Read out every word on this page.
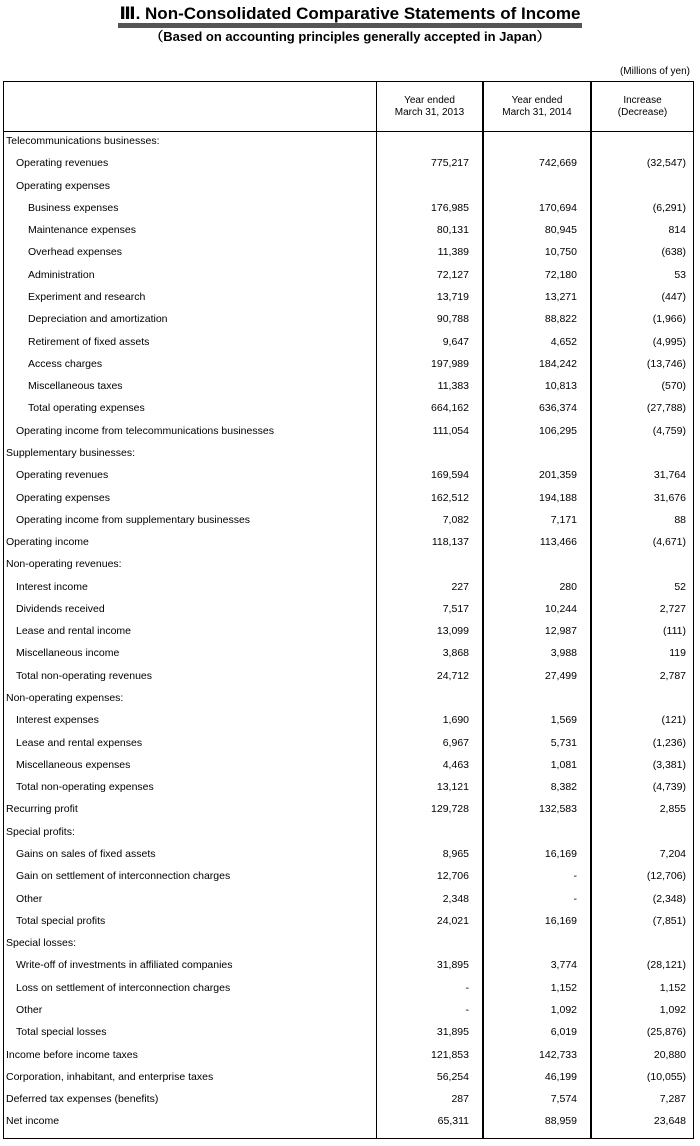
Ⅲ. Non-Consolidated Comparative Statements of Income
（Based on accounting principles generally accepted in Japan）
(Millions of yen)
Year ended
March 31, 2013
Year ended
March 31, 2014
Increase
(Decrease)
Telecommunications businesses:
Operating revenues	775,217	742,669	(32,547)
Operating expenses
Business expenses	176,985	170,694	(6,291)
Maintenance expenses	80,131	80,945	814
Overhead expenses	11,389	10,750	(638)
Administration	72,127	72,180	53
Experiment and research	13,719	13,271	(447)
Depreciation and amortization	90,788	88,822	(1,966)
Retirement of fixed assets	9,647	4,652	(4,995)
Access charges	197,989	184,242	(13,746)
Miscellaneous taxes	11,383	10,813	(570)
Total operating expenses	664,162	636,374	(27,788)
Operating income from telecommunications businesses	111,054	106,295	(4,759)
Supplementary businesses:
Operating revenues	169,594	201,359	31,764
Operating expenses	162,512	194,188	31,676
Operating income from supplementary businesses	7,082	7,171	88
Operating income	118,137	113,466	(4,671)
Non-operating revenues:
Interest income	227	280	52
Dividends received	7,517	10,244	2,727
Lease and rental income	13,099	12,987	(111)
Miscellaneous income	3,868	3,988	119
Total non-operating revenues	24,712	27,499	2,787
Non-operating expenses:
Interest expenses	1,690	1,569	(121)
Lease and rental expenses	6,967	5,731	(1,236)
Miscellaneous expenses	4,463	1,081	(3,381)
Total non-operating expenses	13,121	8,382	(4,739)
Recurring profit	129,728	132,583	2,855
Special profits:
Gains on sales of fixed assets	8,965	16,169	7,204
Gain on settlement of interconnection charges	12,706	-	(12,706)
Other	2,348	-	(2,348)
Total special profits	24,021	16,169	(7,851)
Special losses:
Write-off of investments in affiliated companies	31,895	3,774	(28,121)
Loss on settlement of interconnection charges	-	1,152	1,152
Other	-	1,092	1,092
Total special losses	31,895	6,019	(25,876)
Income before income taxes	121,853	142,733	20,880
Corporation, inhabitant, and enterprise taxes	56,254	46,199	(10,055)
Deferred tax expenses (benefits)	287	7,574	7,287
Net income	65,311	88,959	23,648
